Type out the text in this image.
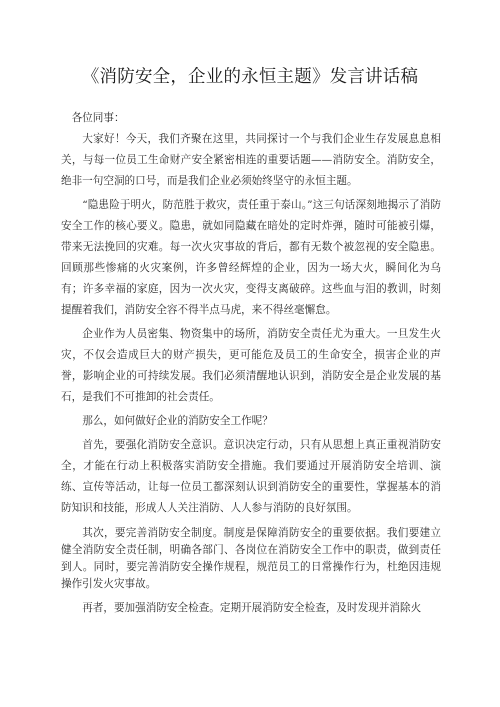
《消防安全，企业的永恒主题》发言讲话稿

各位同事：

大家好！今天，我们齐聚在这里，共同探讨一个与我们企业生存发展息息相关，与每一位员工生命财产安全紧密相连的重要话题——消防安全。消防安全，绝非一句空洞的口号，而是我们企业必须始终坚守的永恒主题。

“隐患险于明火，防范胜于救灾，责任重于泰山。”这三句话深刻地揭示了消防安全工作的核心要义。隐患，就如同隐藏在暗处的定时炸弹，随时可能被引爆，带来无法挽回的灾难。每一次火灾事故的背后，都有无数个被忽视的安全隐患。回顾那些惨痛的火灾案例，许多曾经辉煌的企业，因为一场大火，瞬间化为乌有；许多幸福的家庭，因为一次火灾，变得支离破碎。这些血与泪的教训，时刻提醒着我们，消防安全容不得半点马虎，来不得丝毫懈怠。

企业作为人员密集、物资集中的场所，消防安全责任尤为重大。一旦发生火灾，不仅会造成巨大的财产损失，更可能危及员工的生命安全，损害企业的声誉，影响企业的可持续发展。我们必须清醒地认识到，消防安全是企业发展的基石，是我们不可推卸的社会责任。

那么，如何做好企业的消防安全工作呢？

首先，要强化消防安全意识。意识决定行动，只有从思想上真正重视消防安全，才能在行动上积极落实消防安全措施。我们要通过开展消防安全培训、演练、宣传等活动，让每一位员工都深刻认识到消防安全的重要性，掌握基本的消防知识和技能，形成人人关注消防、人人参与消防的良好氛围。

其次，要完善消防安全制度。制度是保障消防安全的重要依据。我们要建立健全消防安全责任制，明确各部门、各岗位在消防安全工作中的职责，做到责任到人。同时，要完善消防安全操作规程，规范员工的日常操作行为，杜绝因违规操作引发火灾事故。

再者，要加强消防安全检查。定期开展消防安全检查，及时发现并消除火
